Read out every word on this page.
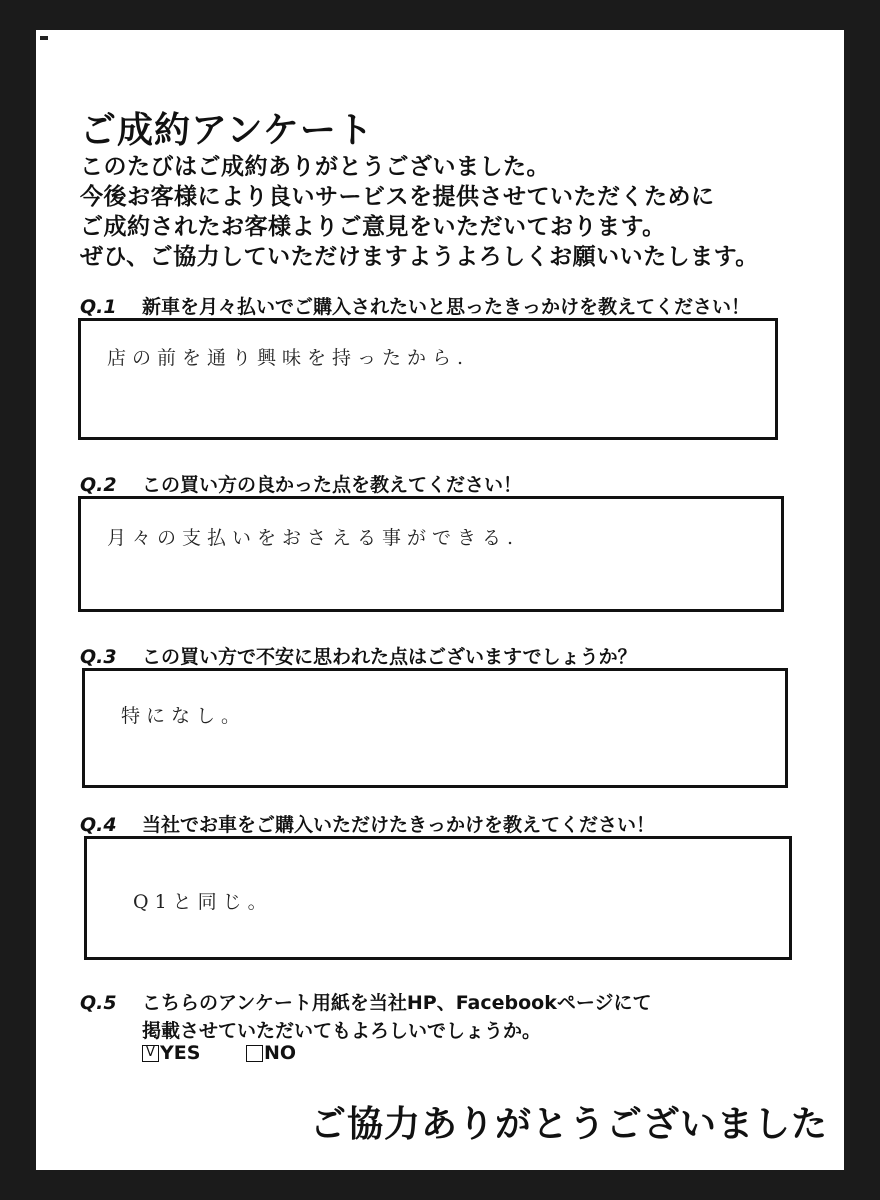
ご成約アンケート
このたびはご成約ありがとうございました。
今後お客様により良いサービスを提供させていただくために
ご成約されたお客様よりご意見をいただいております。
ぜひ、ご協力していただけますようよろしくお願いいたします。
Q.1 新車を月々払いでご購入されたいと思ったきっかけを教えてください！
店の前を通り興味を持ったから.
Q.2 この買い方の良かった点を教えてください！
月々の支払いをおさえる事ができる.
Q.3 この買い方で不安に思われた点はございますでしょうか？
特になし。
Q.4 当社でお車をご購入いただけたきっかけを教えてください！
Q1と同じ。
Q.5 こちらのアンケート用紙を当社HP、Facebookページにて
掲載させていただいてもよろしいでしょうか。
V YES	NO
ご協力ありがとうございました
